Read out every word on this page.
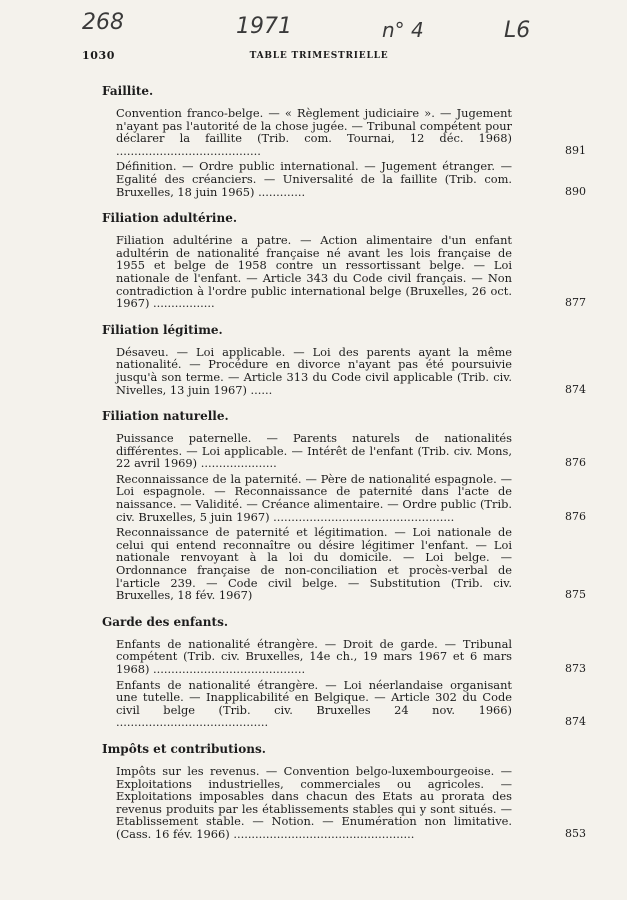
268	1971	n° 4	L6
1030	TABLE TRIMESTRIELLE
Faillite.
Convention franco-belge. — « Règlement judiciaire ». — Jugement n'ayant pas l'autorité de la chose jugée. — Tribunal compétent pour déclarer la faillite (Trib. com. Tournai, 12 déc. 1968) ........................................	891
Définition. — Ordre public international. — Jugement étranger. — Egalité des créanciers. — Universalité de la faillite (Trib. com. Bruxelles, 18 juin 1965) .............	890
Filiation adultérine.
Filiation adultérine a patre. — Action alimentaire d'un enfant adultérin de nationalité française né avant les lois française de 1955 et belge de 1958 contre un ressortissant belge. — Loi nationale de l'enfant. — Article 343 du Code civil français. — Non contradiction à l'ordre public international belge (Bruxelles, 26 oct. 1967) .................	877
Filiation légitime.
Désaveu. — Loi applicable. — Loi des parents ayant la même nationalité. — Procédure en divorce n'ayant pas été poursuivie jusqu'à son terme. — Article 313 du Code civil applicable (Trib. civ. Nivelles, 13 juin 1967) ......	874
Filiation naturelle.
Puissance paternelle. — Parents naturels de nationalités différentes. — Loi applicable. — Intérêt de l'enfant (Trib. civ. Mons, 22 avril 1969) .....................	876
Reconnaissance de la paternité. — Père de nationalité espagnole. — Loi espagnole. — Reconnaissance de paternité dans l'acte de naissance. — Validité. — Créance alimentaire. — Ordre public (Trib. civ. Bruxelles, 5 juin 1967) ..................................................	876
Reconnaissance de paternité et légitimation. — Loi nationale de celui qui entend reconnaître ou désire légitimer l'enfant. — Loi nationale renvoyant à la loi du domicile. — Loi belge. — Ordonnance française de non-conciliation et procès-verbal de l'article 239. — Code civil belge. — Substitution (Trib. civ. Bruxelles, 18 fév. 1967)	875
Garde des enfants.
Enfants de nationalité étrangère. — Droit de garde. — Tribunal compétent (Trib. civ. Bruxelles, 14e ch., 19 mars 1967 et 6 mars 1968) ..........................................	873
Enfants de nationalité étrangère. — Loi néerlandaise organisant une tutelle. — Inapplicabilité en Belgique. — Article 302 du Code civil belge (Trib. civ. Bruxelles 24 nov. 1966) ..........................................	874
Impôts et contributions.
Impôts sur les revenus. — Convention belgo-luxembourgeoise. — Exploitations industrielles, commerciales ou agricoles. — Exploitations imposables dans chacun des Etats au prorata des revenus produits par les établissements stables qui y sont situés. — Etablissement stable. — Notion. — Enumération non limitative. (Cass. 16 fév. 1966) ..................................................	853
